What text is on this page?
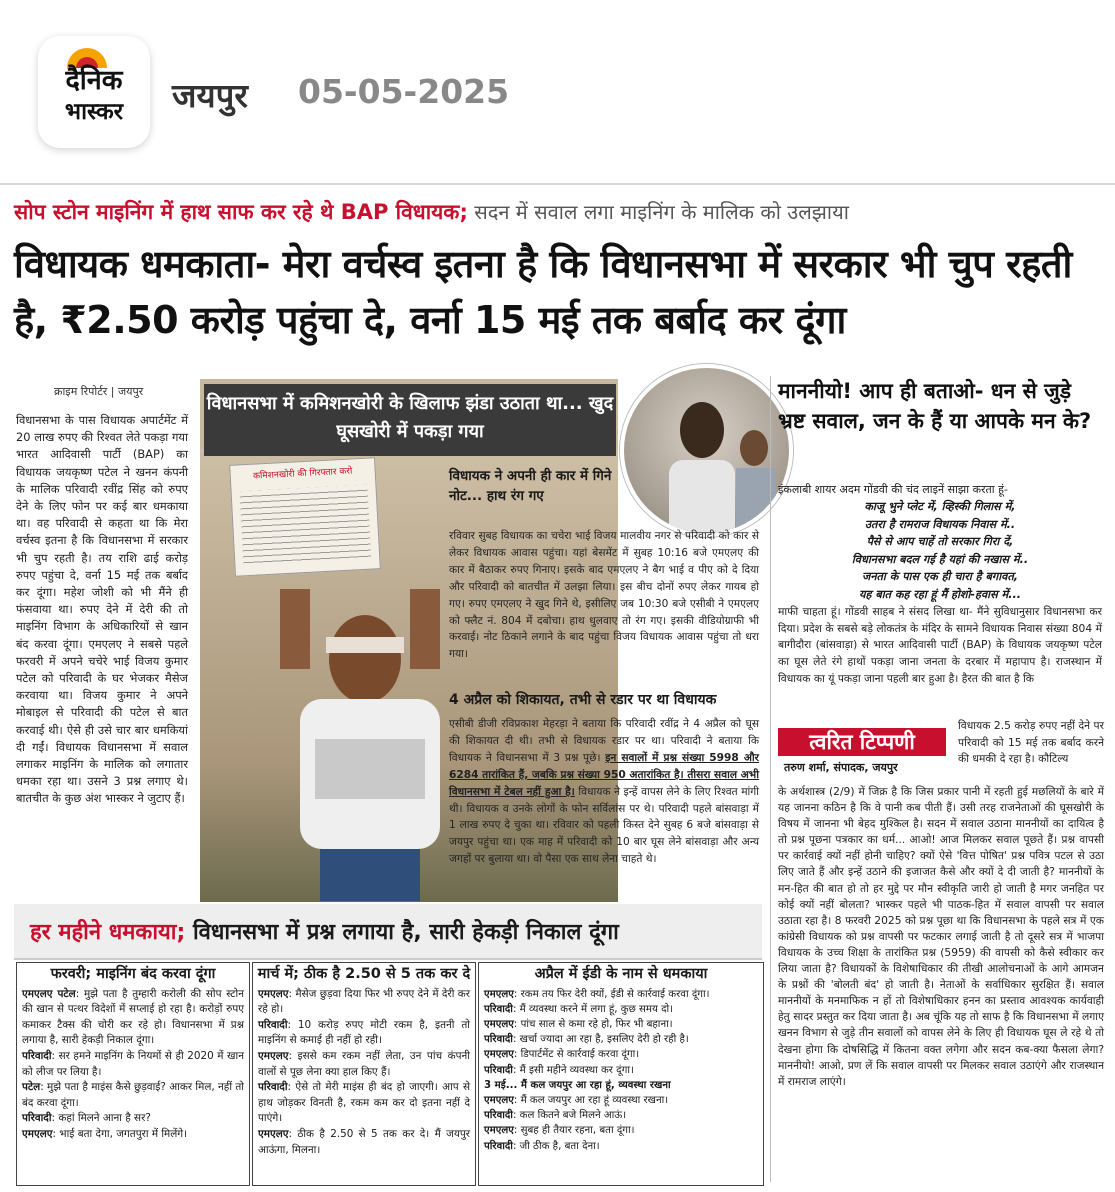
दैनिक
भास्कर	जयपुर 05-05-2025
सोप स्टोन माइनिंग में हाथ साफ कर रहे थे BAP विधायक; सदन में सवाल लगा माइनिंग के मालिक को उलझाया
विधायक धमकाता- मेरा वर्चस्व इतना है कि विधानसभा में सरकार भी चुप रहती है, ₹2.50 करोड़ पहुंचा दे, वर्ना 15 मई तक बर्बाद कर दूंगा
क्राइम रिपोर्टर | जयपुर
विधानसभा के पास विधायक अपार्टमेंट में 20 लाख रुपए की रिश्वत लेते पकड़ा गया भारत आदिवासी पार्टी (BAP) का विधायक जयकृष्ण पटेल ने खनन कंपनी के मालिक परिवादी रवींद्र सिंह को रुपए देने के लिए फोन पर कई बार धमकाया था। वह परिवादी से कहता था कि मेरा वर्चस्व इतना है कि विधानसभा में सरकार भी चुप रहती है। तय राशि ढाई करोड़ रुपए पहुंचा दे, वर्ना 15 मई तक बर्बाद कर दूंगा। महेश जोशी को भी मैंने ही फंसवाया था। रुपए देने में देरी की तो माइनिंग विभाग के अधिकारियों से खान बंद करवा दूंगा। एमएलए ने सबसे पहले फरवरी में अपने चचेरे भाई विजय कुमार पटेल को परिवादी के घर भेजकर मैसेज करवाया था। विजय कुमार ने अपने मोबाइल से परिवादी की पटेल से बात करवाई थी। ऐसे ही उसे चार बार धमकियां दी गईं। विधायक विधानसभा में सवाल लगाकर माइनिंग के मालिक को लगातार धमका रहा था। उसने 3 प्रश्न लगाए थे। बातचीत के कुछ अंश भास्कर ने जुटाए हैं।
कमिशनखोरी की गिरफ्तार करो
विधानसभा में कमिशनखोरी के खिलाफ झंडा उठाता था... खुद घूसखोरी में पकड़ा गया
विधायक ने अपनी ही कार में गिने नोट... हाथ रंग गए
रविवार सुबह विधायक का चचेरा भाई विजय मालवीय नगर से परिवादी को कार से लेकर विधायक आवास पहुंचा। यहां बेसमेंट में सुबह 10:16 बजे एमएलए की कार में बैठाकर रुपए गिनाए। इसके बाद एमएलए ने बैग भाई व पीए को दे दिया और परिवादी को बातचीत में उलझा लिया। इस बीच दोनों रुपए लेकर गायब हो गए। रुपए एमएलए ने खुद गिने थे, इसीलिए जब 10:30 बजे एसीबी ने एमएलए को फ्लैट नं. 804 में दबोचा। हाथ धुलवाए तो रंग गए। इसकी वीडियोग्राफी भी करवाई। नोट ठिकाने लगाने के बाद पहुंचा विजय विधायक आवास पहुंचा तो धरा गया।
4 अप्रैल को शिकायत, तभी से रडार पर था विधायक
एसीबी डीजी रविप्रकाश मेहरड़ा ने बताया कि परिवादी रवींद्र ने 4 अप्रैल को घूस की शिकायत दी थी। तभी से विधायक रडार पर था। परिवादी ने बताया कि विधायक ने विधानसभा में 3 प्रश्न पूछे। इन सवालों में प्रश्न संख्या 5998 और 6284 तारांकित हैं, जबकि प्रश्न संख्या 950 अतारांकित है। तीसरा सवाल अभी विधानसभा में टेबल नहीं हुआ है। विधायक ने इन्हें वापस लेने के लिए रिश्वत मांगी थी। विधायक व उनके लोगों के फोन सर्विलांस पर थे। परिवादी पहले बांसवाड़ा में 1 लाख रुपए दे चुका था। रविवार को पहली किस्त देने सुबह 6 बजे बांसवाड़ा से जयपुर पहुंचा था। एक माह में परिवादी को 10 बार घूस लेने बांसवाड़ा और अन्य जगहों पर बुलाया था। वो पैसा एक साथ लेना चाहते थे।
माननीयो! आप ही बताओ- धन से जुड़े भ्रष्ट सवाल, जन के हैं या आपके मन के?
इंकलाबी शायर अदम गोंडवी की चंद लाइनें साझा करता हूं-
काजू भुने प्लेट में, व्हिस्की गिलास में,
उतरा है रामराज विधायक निवास में..
पैसे से आप चाहें तो सरकार गिरा दें,
विधानसभा बदल गई है यहां की नखास में..
जनता के पास एक ही चारा है बगावत,
यह बात कह रहा हूं मैं होशो-हवास में...
माफी चाहता हूं। गोंडवी साहब ने संसद लिखा था- मैंने सुविधानुसार विधानसभा कर दिया। प्रदेश के सबसे बड़े लोकतंत्र के मंदिर के सामने विधायक निवास संख्या 804 में बागीदौरा (बांसवाड़ा) से भारत आदिवासी पार्टी (BAP) के विधायक जयकृष्ण पटेल का घूस लेते रंगे हाथों पकड़ा जाना जनता के दरबार में महापाप है। राजस्थान में विधायक का यूं पकड़ा जाना पहली बार हुआ है। हैरत की बात है कि
त्वरित टिप्पणी
तरुण शर्मा, संपादक, जयपुर
विधायक 2.5 करोड़ रुपए नहीं देने पर परिवादी को 15 मई तक बर्बाद करने की धमकी दे रहा है। कौटिल्य
के अर्थशास्त्र (2/9) में जिक्र है कि जिस प्रकार पानी में रहती हुई मछलियों के बारे में यह जानना कठिन है कि वे पानी कब पीती हैं। उसी तरह राजनेताओं की घूसखोरी के विषय में जानना भी बेहद मुश्किल है। सदन में सवाल उठाना माननीयों का दायित्व है तो प्रश्न पूछना पत्रकार का धर्म... आओ! आज मिलकर सवाल पूछते हैं। प्रश्न वापसी पर कार्रवाई क्यों नहीं होनी चाहिए? क्यों ऐसे 'वित्त पोषित' प्रश्न पवित्र पटल से उठा लिए जाते हैं और इन्हें उठाने की इजाजत कैसे और क्यों दे दी जाती है? माननीयों के मन-हित की बात हो तो हर मुद्दे पर मौन स्वीकृति जारी हो जाती है मगर जनहित पर कोई क्यों नहीं बोलता? भास्कर पहले भी पाठक-हित में सवाल वापसी पर सवाल उठाता रहा है। 8 फरवरी 2025 को प्रश्न पूछा था कि विधानसभा के पहले सत्र में एक कांग्रेसी विधायक को प्रश्न वापसी पर फटकार लगाई जाती है तो दूसरे सत्र में भाजपा विधायक के उच्च शिक्षा के तारांकित प्रश्न (5959) की वापसी को कैसे स्वीकार कर लिया जाता है? विधायकों के विशेषाधिकार की तीखी आलोचनाओं के आगे आमजन के प्रश्नों की 'बोलती बंद' हो जाती है। नेताओं के सर्वाधिकार सुरक्षित हैं। सवाल माननीयों के मनमाफिक न हों तो विशेषाधिकार हनन का प्रस्ताव आवश्यक कार्यवाही हेतु सादर प्रस्तुत कर दिया जाता है। अब चूंकि यह तो साफ है कि विधानसभा में लगाए खनन विभाग से जुड़े तीन सवालों को वापस लेने के लिए ही विधायक घूस ले रहे थे तो देखना होगा कि दोषसिद्धि में कितना वक्त लगेगा और सदन कब-क्या फैसला लेगा? माननीयो! आओ, प्रण लें कि सवाल वापसी पर मिलकर सवाल उठाएंगे और राजस्थान में रामराज लाएंगे।
हर महीने धमकाया; विधानसभा में प्रश्न लगाया है, सारी हेकड़ी निकाल दूंगा
फरवरी; माइनिंग बंद करवा दूंगा
एमएलए पटेल: मुझे पता है तुम्हारी करोली की सोप स्टोन की खान से पत्थर विदेशों में सप्लाई हो रहा है। करोड़ों रुपए कमाकर टैक्स की चोरी कर रहे हो। विधानसभा में प्रश्न लगाया है, सारी हेकड़ी निकाल दूंगा।
परिवादी: सर हमने माइनिंग के नियमों से ही 2020 में खान को लीज पर लिया है।
पटेल: मुझे पता है माइंस कैसे छुड़वाई? आकर मिल, नहीं तो बंद करवा दूंगा।
परिवादी: कहां मिलने आना है सर?
एमएलए: भाई बता देगा, जगतपुरा में मिलेंगे।
मार्च में; ठीक है 2.50 से 5 तक कर दे
एमएलए: मैसेज छुड़वा दिया फिर भी रुपए देने में देरी कर रहे हो।
परिवादी: 10 करोड़ रुपए मोटी रकम है, इतनी तो माइनिंग से कमाई ही नहीं हो रही।
एमएलए: इससे कम रकम नहीं लेता, उन पांच कंपनी वालों से पूछ लेना क्या हाल किए हैं।
परिवादी: ऐसे तो मेरी माइंस ही बंद हो जाएगी। आप से हाथ जोड़कर विनती है, रकम कम कर दो इतना नहीं दे पाएंगे।
एमएलए: ठीक है 2.50 से 5 तक कर दे। मैं जयपुर आऊंगा, मिलना।
अप्रैल में ईडी के नाम से धमकाया
एमएलए: रकम तय फिर देरी क्यों, ईडी से कार्रवाई करवा दूंगा।
परिवादी: मैं व्यवस्था करने में लगा हूं, कुछ समय दो।
एमएलए: पांच साल से कमा रहे हो, फिर भी बहाना।
परिवादी: खर्चा ज्यादा आ रहा है, इसलिए देरी हो रही है।
एमएलए: डिपार्टमेंट से कार्रवाई करवा दूंगा।
परिवादी: मैं इसी महीने व्यवस्था कर दूंगा।
3 मई... मैं कल जयपुर आ रहा हूं, व्यवस्था रखना
एमएलए: मैं कल जयपुर आ रहा हूं व्यवस्था रखना।
परिवादी: कल कितने बजे मिलने आऊं।
एमएलए: सुबह ही तैयार रहना, बता दूंगा।
परिवादी: जी ठीक है, बता देना।
